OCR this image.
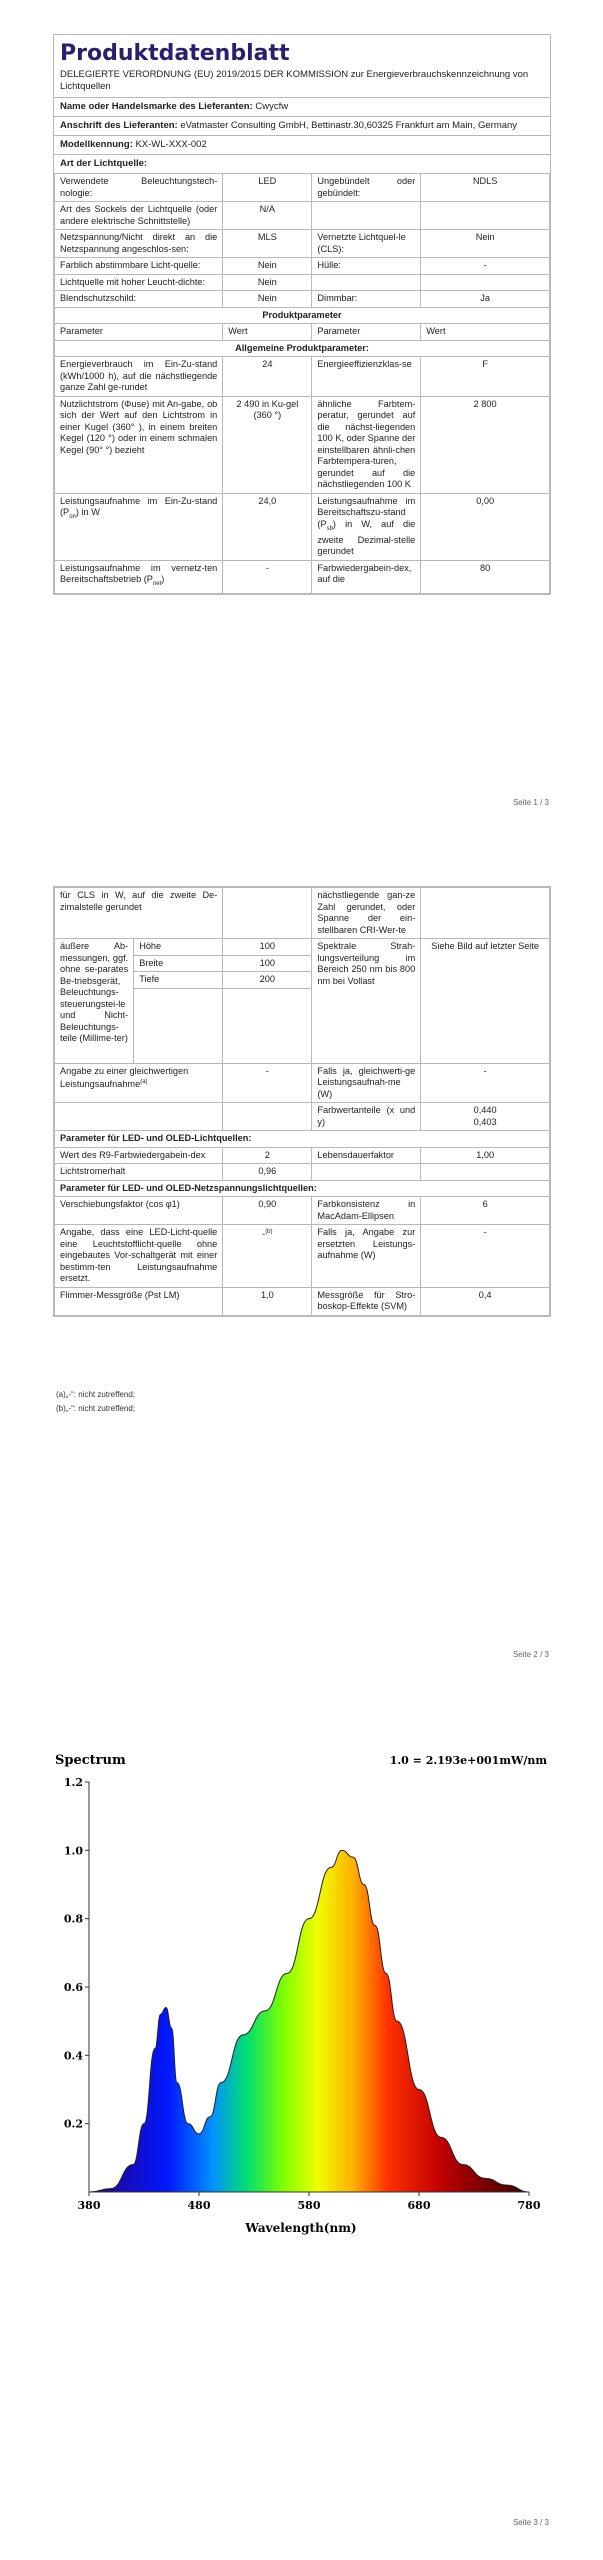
Produktdatenblatt
DELEGIERTE VERORDNUNG (EU) 2019/2015 DER KOMMISSION zur Energieverbrauchskennzeichnung von Lichtquellen
Name oder Handelsmarke des Lieferanten: Cwycfw
Anschrift des Lieferanten: eVatmaster Consulting GmbH, Bettinastr.30,60325 Frankfurt am Main, Germany
Modellkennung: KX-WL-XXX-002
Art der Lichtquelle:
Verwendete Beleuchtungstech-nologie:	LED	Ungebündelt oder gebündelt:	NDLS
Art des Sockels der Lichtquelle (oder andere elektrische Schnittstelle)	N/A		
Netzspannung/Nicht direkt an die Netzspannung angeschlos-sen:	MLS	Vernetzte Lichtquel-le (CLS):	Nein
Farblich abstimmbare Licht-quelle:	Nein	Hülle:	-
Lichtquelle mit hoher Leucht-dichte:	Nein		
Blendschutzschild:	Nein	Dimmbar:	Ja
Produktparameter			
Parameter	Wert	Parameter	Wert
Allgemeine Produktparameter:			
Energieverbrauch im Ein-Zu-stand (kWh/1000 h), auf die nächstliegende ganze Zahl ge-rundet	24	Energieeffizienzklas-se	F
Nutzlichtstrom (Φuse) mit An-gabe, ob sich der Wert auf den Lichtstrom in einer Kugel (360° ), in einem breiten Kegel (120 °) oder in einem schmalen Kegel (90° °) bezieht	2 490 in Ku-gel (360 °)	ähnliche Farbtem-peratur, gerundet auf die nächst-liegenden 100 K, oder Spanne der einstellbaren ähnli-chen Farbtempera-turen, gerundet auf die nächstliegenden 100 K	2 800
Leistungsaufnahme im Ein-Zu-stand $(P_{on})$ in W	24,0	Leistungsaufnahme im Bereitschaftszu-stand $(P_{sb})$ in W, auf die zweite Dezimal-stelle gerundet	0,00
Leistungsaufnahme im vernetz-ten Bereitschaftsbetrieb $(P_{net})$	-	Farbwiedergabein-dex, auf die	80
Seite 1 / 3
für CLS in W, auf die zweite De-zimalstelle gerundet			nächstliegende gan-ze Zahl gerundet, oder Spanne der ein-stellbaren CRI-Wer-te	
äußere Ab-messungen, ggf. ohne se-parates Be-triebsgerät, Beleuchtungs-steuerungstei-le und Nicht-Beleuchtungs-teile (Millime-ter)	Höhe	100	Spektrale Strah-lungsverteilung im Bereich 250 nm bis 800 nm bei Vollast	Siehe Bild auf letzter Seite
	Breite	100		
	Tiefe	200		

Angabe zu einer gleichwertigen Leistungsaufnahme$^{(a)}$		-	Falls ja, gleichwerti-ge Leistungsaufnah-me (W)	-
			Farbwertanteile (x und y)	0,440
0,403

Parameter für LED- und OLED-Lichtquellen:				
Wert des R9-Farbwiedergabein-dex		2	Lebensdauerfaktor	1,00
Lichtstromerhalt		0,96		
Parameter für LED- und OLED-Netzspannungslichtquellen:				
Verschiebungsfaktor (cos φ1)		0,90	Farbkonsistenz in MacAdam-Ellipsen	6
Angabe, dass eine LED-Licht-quelle eine Leuchtstofflicht-quelle ohne eingebautes Vor-schaltgerät mit einer bestimm-ten Leistungsaufnahme ersetzt.		-$^{(b)}$	Falls ja, Angabe zur ersetzten Leistungs-aufnahme (W)	-
Flimmer-Messgröße (Pst LM)		1,0	Messgröße für Stro-boskop-Effekte (SVM)	0,4
(a)„-“: nicht zutreffend;
(b)„-“: nicht zutreffend;
Seite 2 / 3
Spectrum	1.0 = 2.193e+001mW/nm
1.2
1.0
0.8
0.6
0.4
0.2
380	480	580	680	780
Wavelength(nm)
Seite 3 / 3
